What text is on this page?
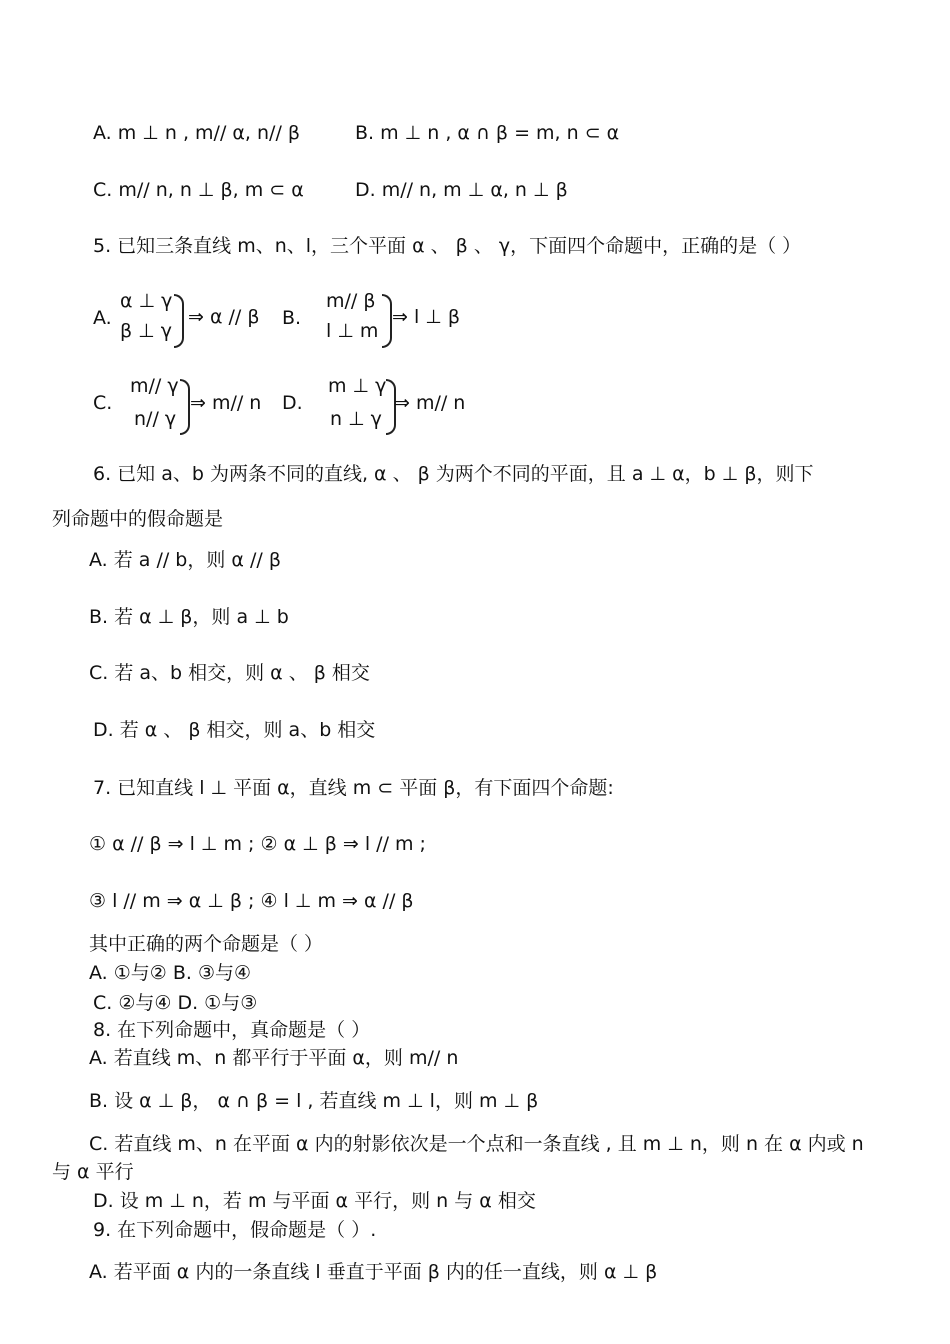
A. m ⊥ n , m// α, n// β	B. m ⊥ n , α ∩ β = m, n ⊂ α
C. m// n, n ⊥ β, m ⊂ α	D. m// n, m ⊥ α, n ⊥ β
5. 已知三条直线 m、n、l，三个平面 α 、 β 、 γ，下面四个命题中，正确的是（ ）
A.
α ⊥ γ
β ⊥ γ
⇒ α // β B.
m// β
l ⊥ m
⇒ l ⊥ β
C.
m// γ
n// γ
⇒ m// n D.
m ⊥ γ
n ⊥ γ
⇒ m// n
6. 已知 a、b 为两条不同的直线, α 、 β 为两个不同的平面，且 a ⊥ α，b ⊥ β，则下
列命题中的假命题是
A. 若 a // b，则 α // β
B. 若 α ⊥ β，则 a ⊥ b
C. 若 a、b 相交，则 α 、 β 相交
D. 若 α 、 β 相交，则 a、b 相交
7. 已知直线 l ⊥ 平面 α，直线 m ⊂ 平面 β，有下面四个命题:
① α // β ⇒ l ⊥ m ; ② α ⊥ β ⇒ l // m ;
③ l // m ⇒ α ⊥ β ; ④ l ⊥ m ⇒ α // β
其中正确的两个命题是（ ）
A. ①与② B. ③与④
C. ②与④ D. ①与③
8. 在下列命题中，真命题是（ ）
A. 若直线 m、n 都平行于平面 α，则 m// n
B. 设 α ⊥ β， α ∩ β = l , 若直线 m ⊥ l，则 m ⊥ β
C. 若直线 m、n 在平面 α 内的射影依次是一个点和一条直线 , 且 m ⊥ n，则 n 在 α 内或 n
与 α 平行
D. 设 m ⊥ n，若 m 与平面 α 平行，则 n 与 α 相交
9. 在下列命题中，假命题是（ ）.
A. 若平面 α 内的一条直线 l 垂直于平面 β 内的任一直线，则 α ⊥ β
